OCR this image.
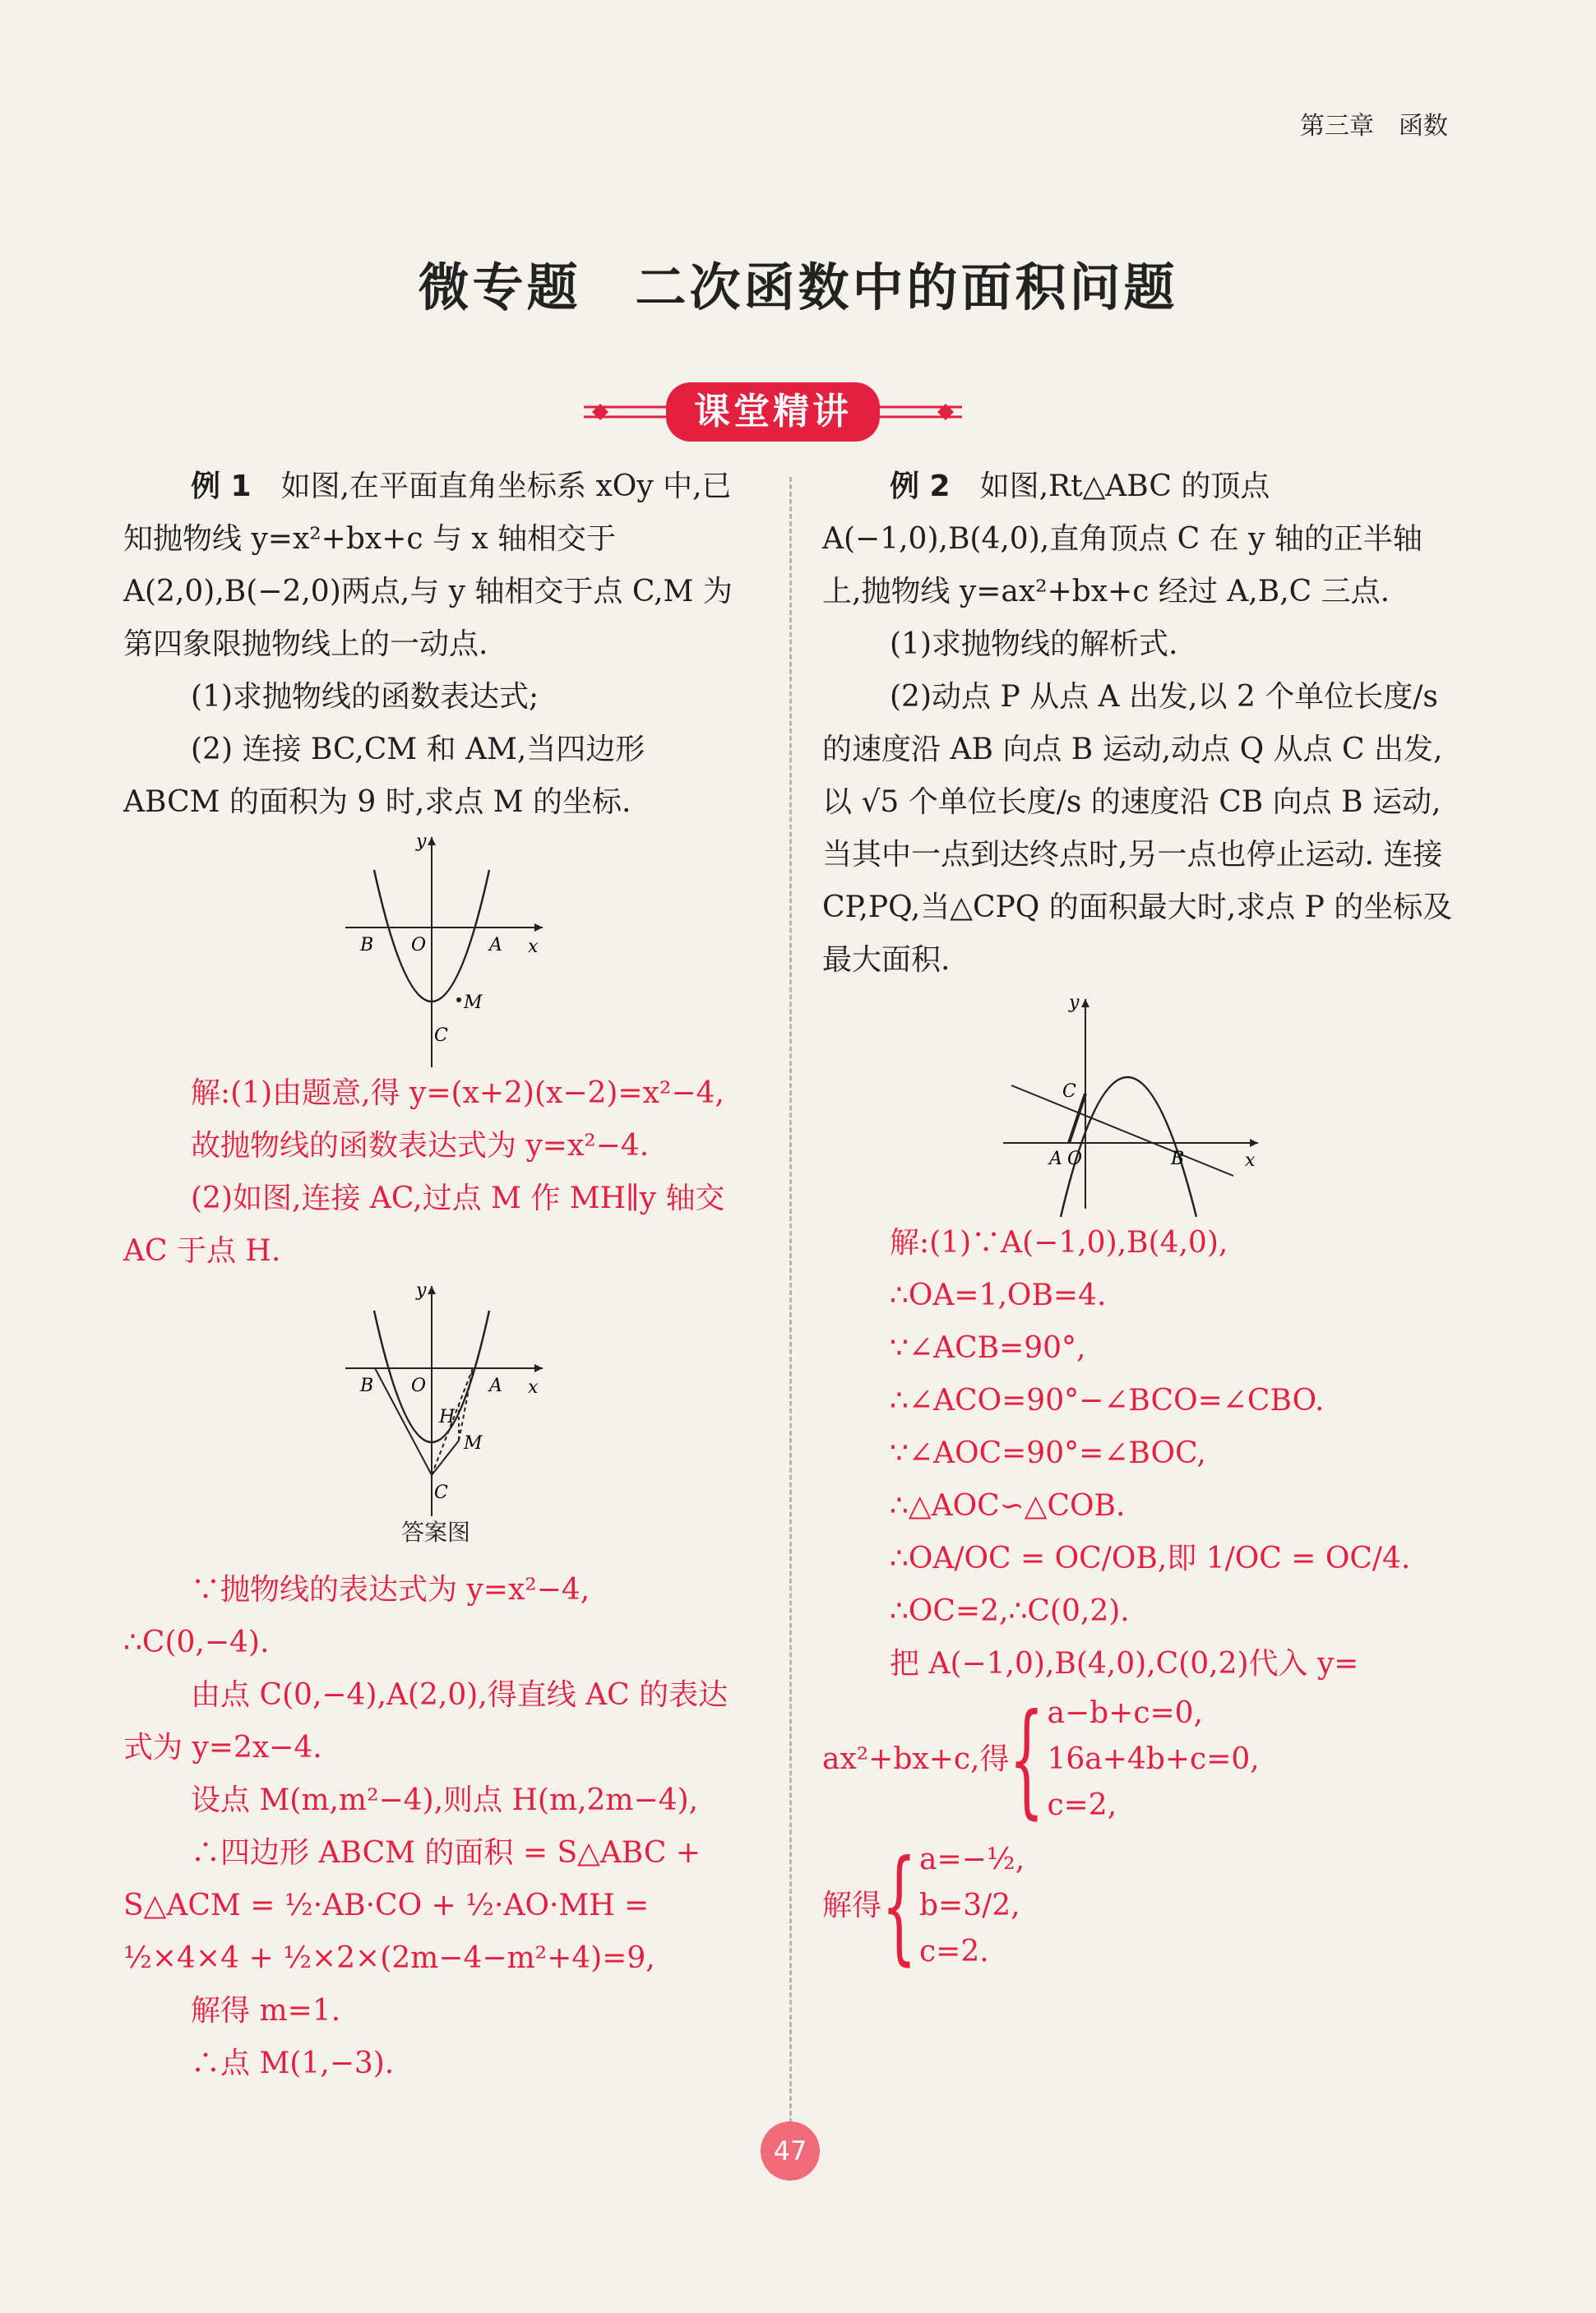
第三章　函数
微专题　二次函数中的面积问题
课堂精讲

例 1　 如图,在平面直角坐标系 xOy 中,已知抛物线 y=x²+bx+c 与 x 轴相交于 A(2,0),B(−2,0)两点,与 y 轴相交于点 C,M 为第四象限抛物线上的一动点.

(1)求抛物线的函数表达式;

(2) 连接 BC,CM 和 AM,当四边形 ABCM 的面积为 9 时,求点 M 的坐标.

B O	A x
y
C
M

解:(1)由题意,得 y=(x+2)(x−2)=x²−4,

故抛物线的函数表达式为 y=x²−4.

(2)如图,连接 AC,过点 M 作 MH∥y 轴交 AC 于点 H.

B O	A x
y
H
M
C
答案图

∵抛物线的表达式为 y=x²−4,

∴C(0,−4).

由点 C(0,−4),A(2,0),得直线 AC 的表达式为 y=2x−4.

设点 M(m,m²−4),则点 H(m,2m−4),

∴四边形 ABCM 的面积 = S△ABC + S△ACM = ½·AB·CO + ½·AO·MH =

½×4×4 + ½×2×(2m−4−m²+4)=9,

解得 m=1.

∴点 M(1,−3).

例 2　 如图,Rt△ABC 的顶点 A(−1,0),B(4,0),直角顶点 C 在 y 轴的正半轴上,抛物线 y=ax²+bx+c 经过 A,B,C 三点.

(1)求抛物线的解析式.

(2)动点 P 从点 A 出发,以 2 个单位长度/s 的速度沿 AB 向点 B 运动,动点 Q 从点 C 出发,以 √5 个单位长度/s 的速度沿 CB 向点 B 运动,当其中一点到达终点时,另一点也停止运动. 连接 CP,PQ,当△CPQ 的面积最大时,求点 P 的坐标及最大面积.

C
A O	B	x
y

解:(1)∵A(−1,0),B(4,0),

∴OA=1,OB=4.

∵∠ACB=90°,

∴∠ACO=90°−∠BCO=∠CBO.

∵∠AOC=90°=∠BOC,

∴△AOC∽△COB.

∴OA/OC = OC/OB,即 1/OC = OC/4.

∴OC=2,∴C(0,2).

把 A(−1,0),B(4,0),C(0,2)代入 y=

ax²+bx+c,得 { a−b+c=0,
16a+4b+c=0,
c=2,
解得 { a=−½,
b=3/2,
c=2.
47
